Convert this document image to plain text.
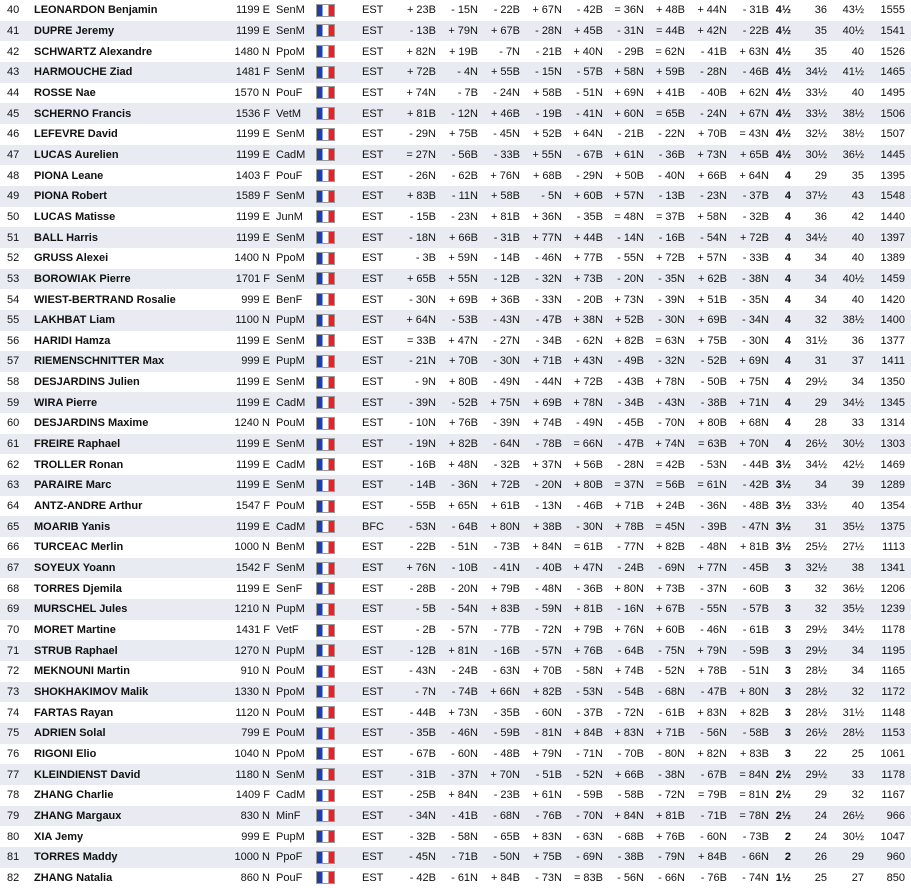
40	LEONARDON Benjamin	1199 E	SenM		EST	+ 23B	- 15N	- 22B	+ 67N	- 42B	= 36N	+ 48B	+ 44N	- 31B	4½	36	43½	1555
41	DUPRE Jeremy	1199 E	SenM		EST	- 13B	+ 79N	+ 67B	- 28N	+ 45B	- 31N	= 44B	+ 42N	- 22B	4½	35	40½	1541
42	SCHWARTZ Alexandre	1480 N	PpoM		EST	+ 82N	+ 19B	- 7N	- 21B	+ 40N	- 29B	= 62N	- 41B	+ 63N	4½	35	40	1526
43	HARMOUCHE Ziad	1481 F	SenM		EST	+ 72B	- 4N	+ 55B	- 15N	- 57B	+ 58N	+ 59B	- 28N	- 46B	4½	34½	41½	1465
44	ROSSE Nae	1570 N	PouF		EST	+ 74N	- 7B	- 24N	+ 58B	- 51N	+ 69N	+ 41B	- 40B	+ 62N	4½	33½	40	1495
45	SCHERNO Francis	1536 F	VetM		EST	+ 81B	- 12N	+ 46B	- 19B	- 41N	+ 60N	= 65B	- 24N	+ 67N	4½	33½	38½	1506
46	LEFEVRE David	1199 E	SenM		EST	- 29N	+ 75B	- 45N	+ 52B	+ 64N	- 21B	- 22N	+ 70B	= 43N	4½	32½	38½	1507
47	LUCAS Aurelien	1199 E	CadM		EST	= 27N	- 56B	- 33B	+ 55N	- 67B	+ 61N	- 36B	+ 73N	+ 65B	4½	30½	36½	1445
48	PIONA Leane	1403 F	PouF		EST	- 26N	- 62B	+ 76N	+ 68B	- 29N	+ 50B	- 40N	+ 66B	+ 64N	4	29	35	1395
49	PIONA Robert	1589 F	SenM		EST	+ 83B	- 11N	+ 58B	- 5N	+ 60B	+ 57N	- 13B	- 23N	- 37B	4	37½	43	1548
50	LUCAS Matisse	1199 E	JunM		EST	- 15B	- 23N	+ 81B	+ 36N	- 35B	= 48N	= 37B	+ 58N	- 32B	4	36	42	1440
51	BALL Harris	1199 E	SenM		EST	- 18N	+ 66B	- 31B	+ 77N	+ 44B	- 14N	- 16B	- 54N	+ 72B	4	34½	40	1397
52	GRUSS Alexei	1400 N	PpoM		EST	- 3B	+ 59N	- 14B	- 46N	+ 77B	- 55N	+ 72B	+ 57N	- 33B	4	34	40	1389
53	BOROWIAK Pierre	1701 F	SenM		EST	+ 65B	+ 55N	- 12B	- 32N	+ 73B	- 20N	- 35N	+ 62B	- 38N	4	34	40½	1459
54	WIEST-BERTRAND Rosalie	999 E	BenF		EST	- 30N	+ 69B	+ 36B	- 33N	- 20B	+ 73N	- 39N	+ 51B	- 35N	4	34	40	1420
55	LAKHBAT Liam	1100 N	PupM		EST	+ 64N	- 53B	- 43N	- 47B	+ 38N	+ 52B	- 30N	+ 69B	- 34N	4	32	38½	1400
56	HARIDI Hamza	1199 E	SenM		EST	= 33B	+ 47N	- 27N	- 34B	- 62N	+ 82B	= 63N	+ 75B	- 30N	4	31½	36	1377
57	RIEMENSCHNITTER Max	999 E	PupM		EST	- 21N	+ 70B	- 30N	+ 71B	+ 43N	- 49B	- 32N	- 52B	+ 69N	4	31	37	1411
58	DESJARDINS Julien	1199 E	SenM		EST	- 9N	+ 80B	- 49N	- 44N	+ 72B	- 43B	+ 78N	- 50B	+ 75N	4	29½	34	1350
59	WIRA Pierre	1199 E	CadM		EST	- 39N	- 52B	+ 75N	+ 69B	+ 78N	- 34B	- 43N	- 38B	+ 71N	4	29	34½	1345
60	DESJARDINS Maxime	1240 N	PouM		EST	- 10N	+ 76B	- 39N	+ 74B	- 49N	- 45B	- 70N	+ 80B	+ 68N	4	28	33	1314
61	FREIRE Raphael	1199 E	SenM		EST	- 19N	+ 82B	- 64N	- 78B	= 66N	- 47B	+ 74N	= 63B	+ 70N	4	26½	30½	1303
62	TROLLER Ronan	1199 E	CadM		EST	- 16B	+ 48N	- 32B	+ 37N	+ 56B	- 28N	= 42B	- 53N	- 44B	3½	34½	42½	1469
63	PARAIRE Marc	1199 E	SenM		EST	- 14B	- 36N	+ 72B	- 20N	+ 80B	= 37N	= 56B	= 61N	- 42B	3½	34	39	1289
64	ANTZ-ANDRE Arthur	1547 F	PouM		EST	- 55B	+ 65N	+ 61B	- 13N	- 46B	+ 71B	+ 24B	- 36N	- 48B	3½	33½	40	1354
65	MOARIB Yanis	1199 E	CadM		BFC	- 53N	- 64B	+ 80N	+ 38B	- 30N	+ 78B	= 45N	- 39B	- 47N	3½	31	35½	1375
66	TURCEAC Merlin	1000 N	BenM		EST	- 22B	- 51N	- 73B	+ 84N	= 61B	- 77N	+ 82B	- 48N	+ 81B	3½	25½	27½	1113
67	SOYEUX Yoann	1542 F	SenM		EST	+ 76N	- 10B	- 41N	- 40B	+ 47N	- 24B	- 69N	+ 77N	- 45B	3	32½	38	1341
68	TORRES Djemila	1199 E	SenF		EST	- 28B	- 20N	+ 79B	- 48N	- 36B	+ 80N	+ 73B	- 37N	- 60B	3	32	36½	1206
69	MURSCHEL Jules	1210 N	PupM		EST	- 5B	- 54N	+ 83B	- 59N	+ 81B	- 16N	+ 67B	- 55N	- 57B	3	32	35½	1239
70	MORET Martine	1431 F	VetF		EST	- 2B	- 57N	- 77B	- 72N	+ 79B	+ 76N	+ 60B	- 46N	- 61B	3	29½	34½	1178
71	STRUB Raphael	1270 N	PupM		EST	- 12B	+ 81N	- 16B	- 57N	+ 76B	- 64B	- 75N	+ 79N	- 59B	3	29½	34	1195
72	MEKNOUNI Martin	910 N	PouM		EST	- 43N	- 24B	- 63N	+ 70B	- 58N	+ 74B	- 52N	+ 78B	- 51N	3	28½	34	1165
73	SHOKHAKIMOV Malik	1330 N	PpoM		EST	- 7N	- 74B	+ 66N	+ 82B	- 53N	- 54B	- 68N	- 47B	+ 80N	3	28½	32	1172
74	FARTAS Rayan	1120 N	PouM		EST	- 44B	+ 73N	- 35B	- 60N	- 37B	- 72N	- 61B	+ 83N	+ 82B	3	28½	31½	1148
75	ADRIEN Solal	799 E	PouM		EST	- 35B	- 46N	- 59B	- 81N	+ 84B	+ 83N	+ 71B	- 56N	- 58B	3	26½	28½	1153
76	RIGONI Elio	1040 N	PpoM		EST	- 67B	- 60N	- 48B	+ 79N	- 71N	- 70B	- 80N	+ 82N	+ 83B	3	22	25	1061
77	KLEINDIENST David	1180 N	SenM		EST	- 31B	- 37N	+ 70N	- 51B	- 52N	+ 66B	- 38N	- 67B	= 84N	2½	29½	33	1178
78	ZHANG Charlie	1409 F	CadM		EST	- 25B	+ 84N	- 23B	+ 61N	- 59B	- 58B	- 72N	= 79B	= 81N	2½	29	32	1167
79	ZHANG Margaux	830 N	MinF		EST	- 34N	- 41B	- 68N	- 76B	- 70N	+ 84N	+ 81B	- 71B	= 78N	2½	24	26½	966
80	XIA Jemy	999 E	PupM		EST	- 32B	- 58N	- 65B	+ 83N	- 63N	- 68B	+ 76B	- 60N	- 73B	2	24	30½	1047
81	TORRES Maddy	1000 N	PpoF		EST	- 45N	- 71B	- 50N	+ 75B	- 69N	- 38B	- 79N	+ 84B	- 66N	2	26	29	960
82	ZHANG Natalia	860 N	PouF		EST	- 42B	- 61N	+ 84B	- 73N	= 83B	- 56N	- 66N	- 76B	- 74N	1½	25	27	850
